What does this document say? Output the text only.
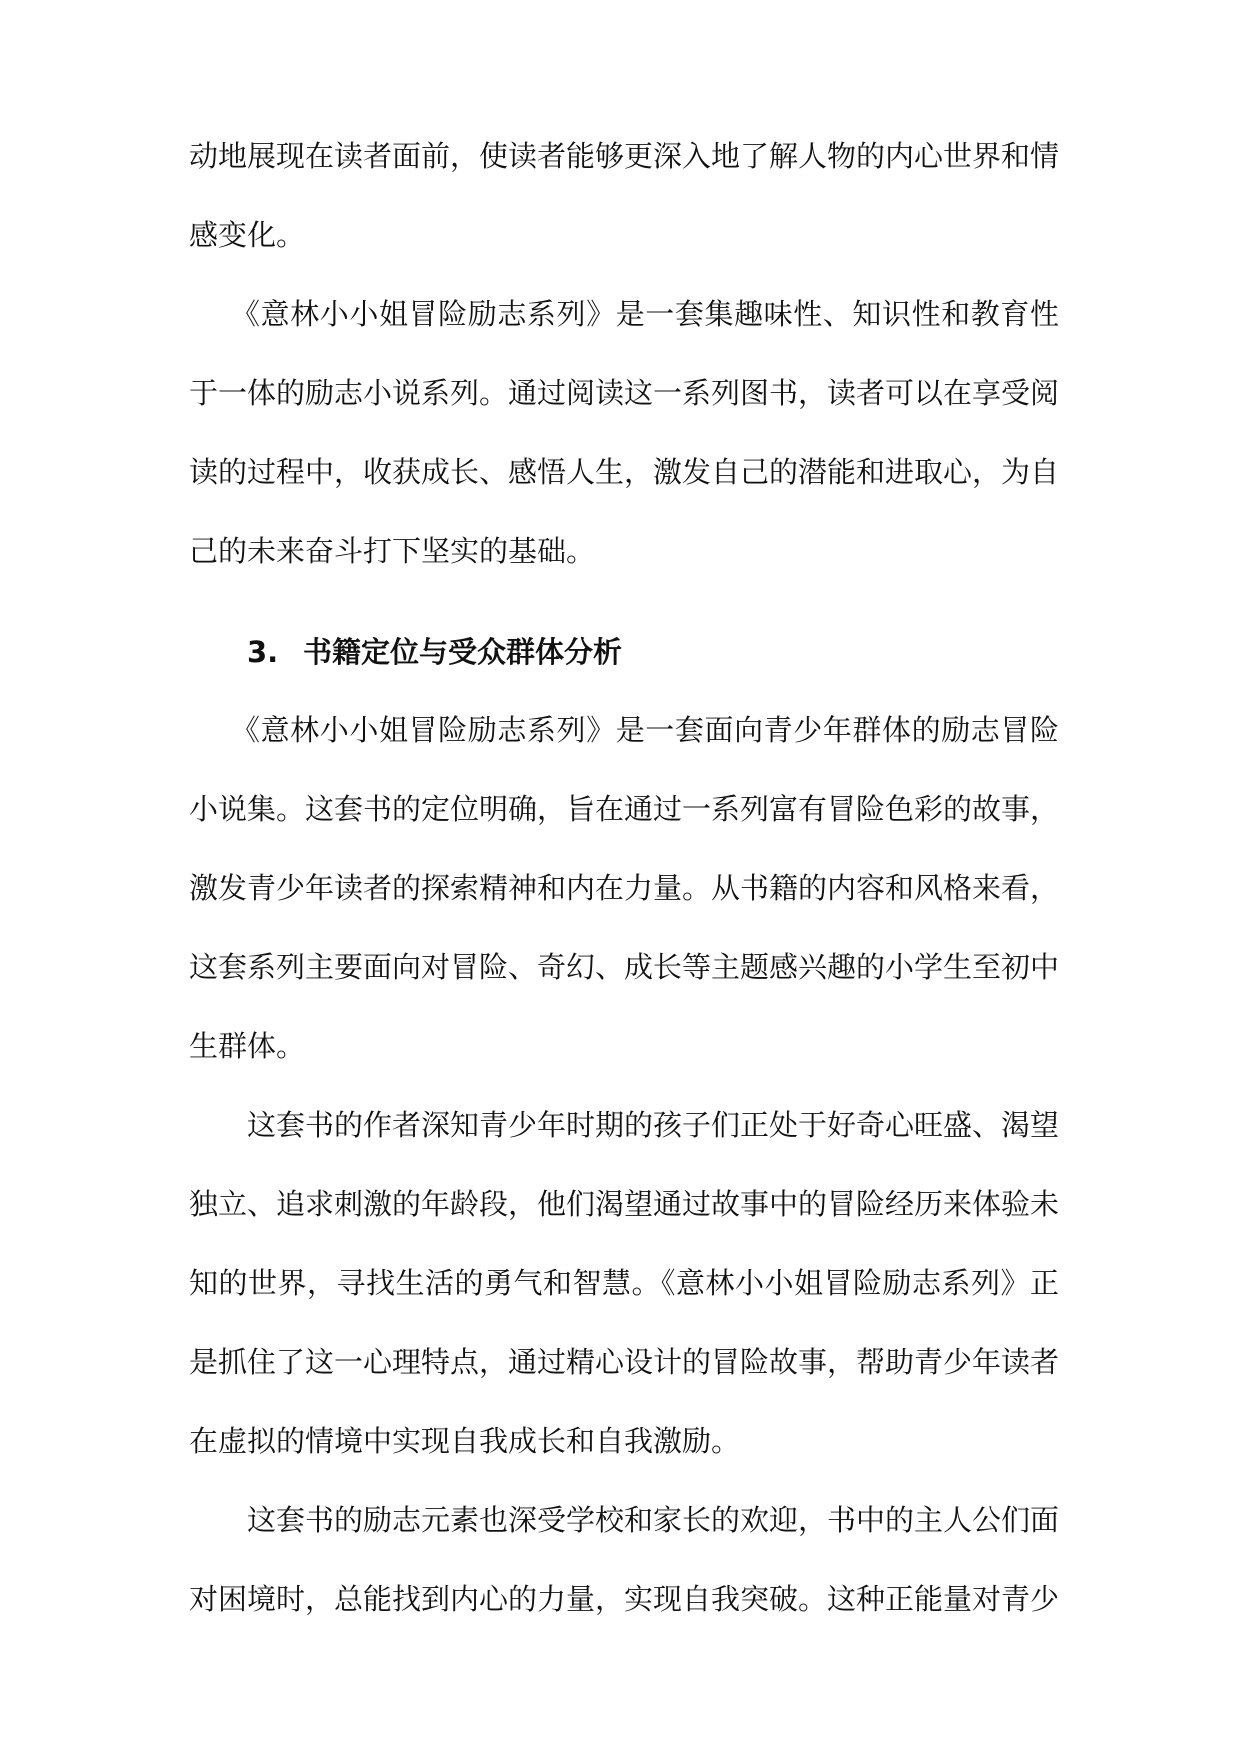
动地展现在读者面前，使读者能够更深入地了解人物的内心世界和情
感变化。
《意林小小姐冒险励志系列》是一套集趣味性、知识性和教育性
于一体的励志小说系列。通过阅读这一系列图书，读者可以在享受阅
读的过程中，收获成长、感悟人生，激发自己的潜能和进取心，为自
己的未来奋斗打下坚实的基础。
3. 书籍定位与受众群体分析
《意林小小姐冒险励志系列》是一套面向青少年群体的励志冒险
小说集。这套书的定位明确，旨在通过一系列富有冒险色彩的故事，
激发青少年读者的探索精神和内在力量。从书籍的内容和风格来看，
这套系列主要面向对冒险、奇幻、成长等主题感兴趣的小学生至初中
生群体。
这套书的作者深知青少年时期的孩子们正处于好奇心旺盛、渴望
独立、追求刺激的年龄段，他们渴望通过故事中的冒险经历来体验未
知的世界，寻找生活的勇气和智慧。《意林小小姐冒险励志系列》正
是抓住了这一心理特点，通过精心设计的冒险故事，帮助青少年读者
在虚拟的情境中实现自我成长和自我激励。
这套书的励志元素也深受学校和家长的欢迎，书中的主人公们面
对困境时，总能找到内心的力量，实现自我突破。这种正能量对青少
